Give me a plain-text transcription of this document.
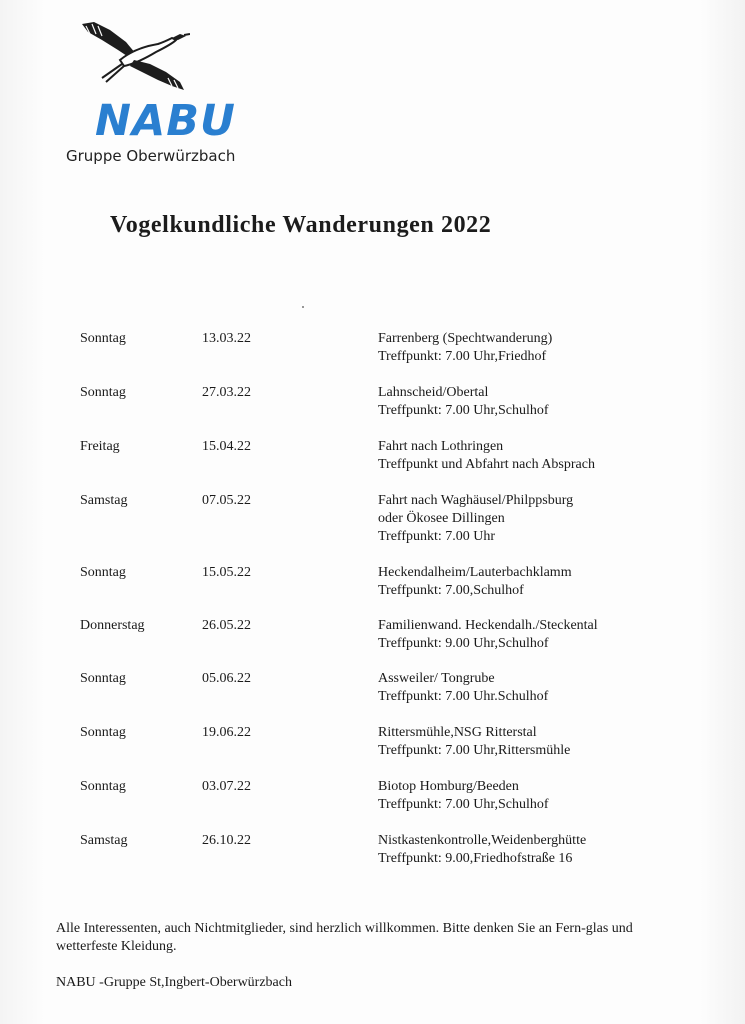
NABU
Gruppe Oberwürzbach
Vogelkundliche Wanderungen 2022
Sonntag	13.03.22	Farrenberg (Spechtwanderung)
Treffpunkt: 7.00 Uhr,Friedhof
Sonntag	27.03.22	Lahnscheid/Obertal
Treffpunkt: 7.00 Uhr,Schulhof
Freitag	15.04.22	Fahrt nach Lothringen
Treffpunkt und Abfahrt nach Absprach
Samstag	07.05.22	Fahrt nach Waghäusel/Philppsburg
oder Ökosee Dillingen
Treffpunkt: 7.00 Uhr
Sonntag	15.05.22	Heckendalheim/Lauterbachklamm
Treffpunkt: 7.00,Schulhof
Donnerstag	26.05.22	Familienwand. Heckendalh./Steckental
Treffpunkt: 9.00 Uhr,Schulhof
Sonntag	05.06.22	Assweiler/ Tongrube
Treffpunkt: 7.00 Uhr.Schulhof
Sonntag	19.06.22	Rittersmühle,NSG Ritterstal
Treffpunkt: 7.00 Uhr,Rittersmühle
Sonntag	03.07.22	Biotop Homburg/Beeden
Treffpunkt: 7.00 Uhr,Schulhof
Samstag	26.10.22	Nistkastenkontrolle,Weidenberghütte
Treffpunkt: 9.00,Friedhofstraße 16
Alle Interessenten, auch Nichtmitglieder, sind herzlich willkommen. Bitte denken Sie an Fern-glas und wetterfeste Kleidung.
NABU -Gruppe St,Ingbert-Oberwürzbach
